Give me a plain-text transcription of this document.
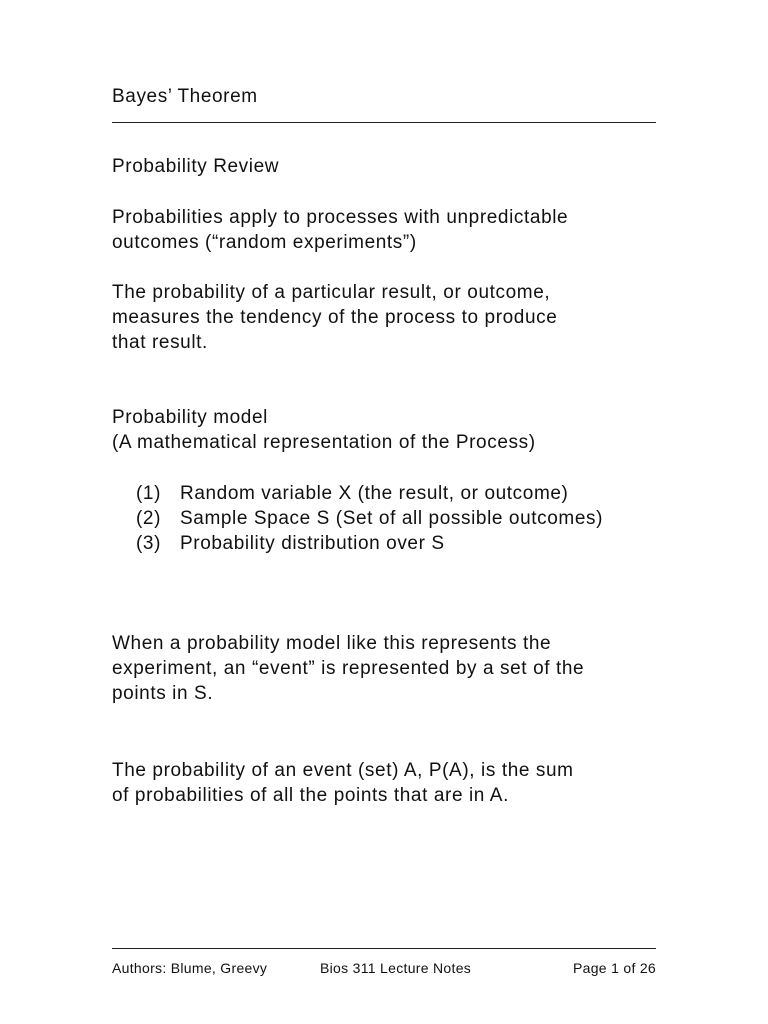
Bayes’ Theorem
Probability Review
Probabilities apply to processes with unpredictable
outcomes (“random experiments”)
The probability of a particular result, or outcome,
measures the tendency of the process to produce
that result.
Probability model
(A mathematical representation of the Process)
(1) Random variable X (the result, or outcome)
(2) Sample Space S (Set of all possible outcomes)
(3) Probability distribution over S
When a probability model like this represents the
experiment, an “event” is represented by a set of the
points in S.
The probability of an event (set) A, P(A), is the sum
of probabilities of all the points that are in A.
Authors: Blume, Greevy	Bios 311 Lecture Notes	Page 1 of 26
